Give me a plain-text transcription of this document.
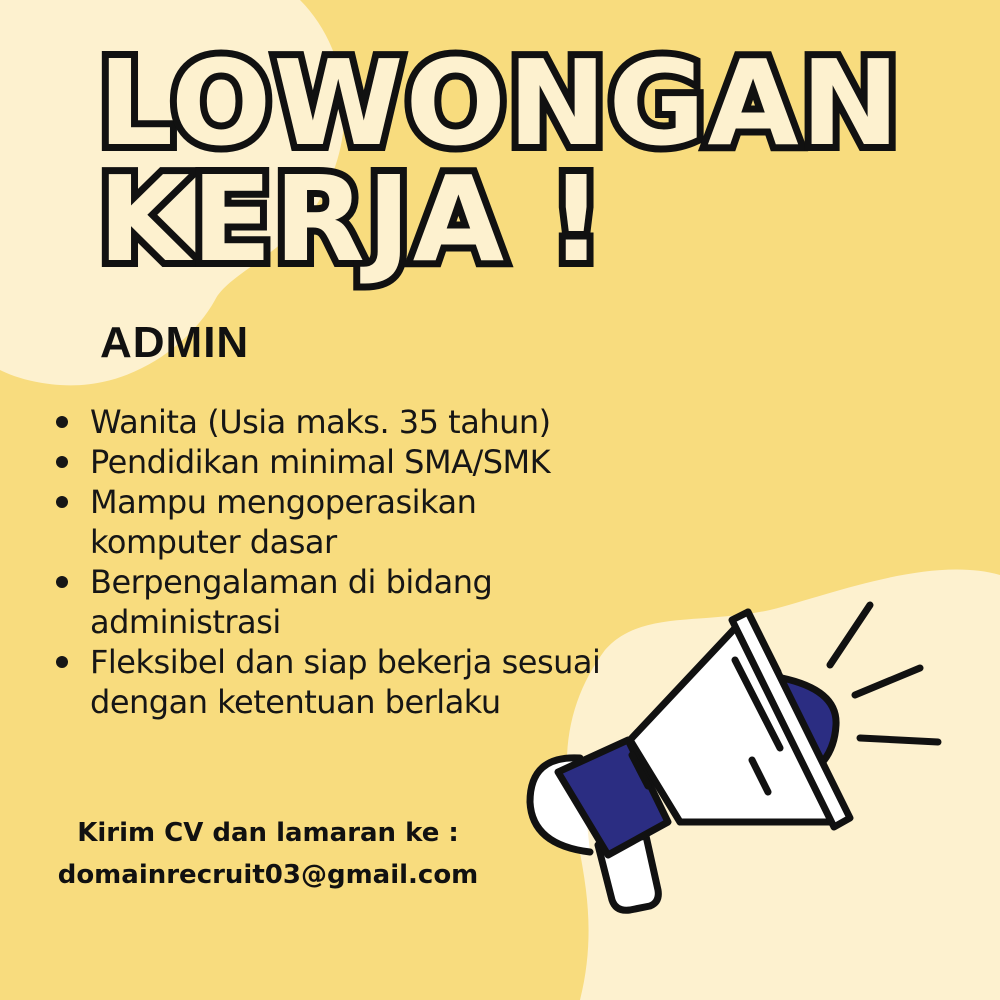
LOWONGAN
KERJA !
ADMIN
Wanita (Usia maks. 35 tahun)
Pendidikan minimal SMA/SMK
Mampu mengoperasikan komputer dasar
Berpengalaman di bidang administrasi
Fleksibel dan siap bekerja sesuai dengan ketentuan berlaku
Kirim CV dan lamaran ke :
domainrecruit03@gmail.com
